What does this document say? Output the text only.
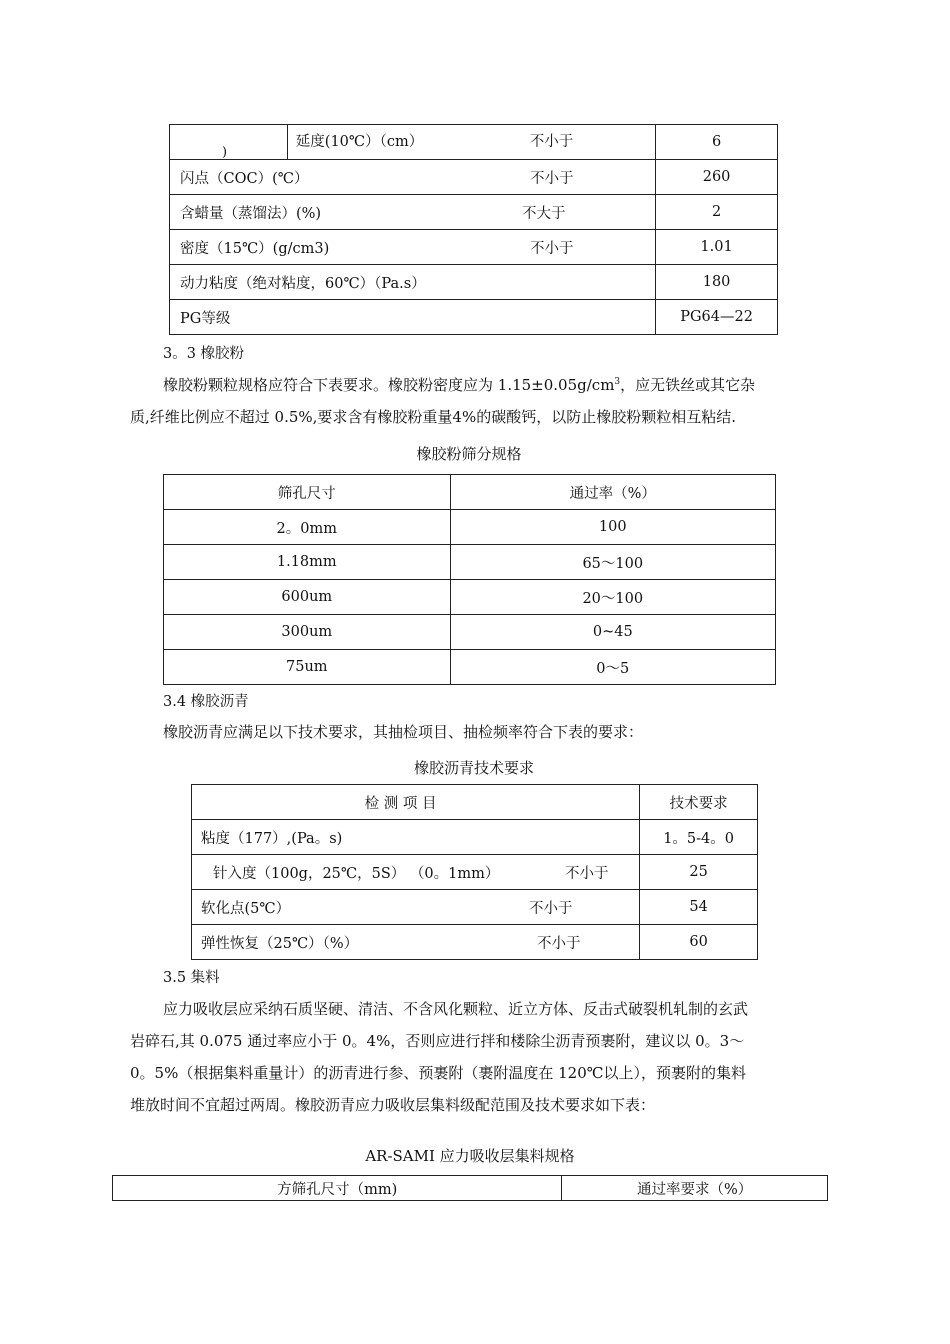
)	延度(10℃）（cm） 不小于	6

闪点（COC）(℃） 不小于		260

含蜡量（蒸馏法）(%) 不大于		2

密度（15℃）(g/cm3) 不小于		1.01

动力粘度（绝对粘度，60℃）（Pa.s）		180

PG等级		PG64—22
3。3 橡胶粉
橡胶粉颗粒规格应符合下表要求。橡胶粉密度应为 $1.15\pm 0.05g/cm^3$，应无铁丝或其它杂
质,纤维比例应不超过 0.5%,要求含有橡胶粉重量4%的碳酸钙，以防止橡胶粉颗粒相互粘结.
橡胶粉筛分规格
筛孔尺寸	通过率（%）
2。0mm	100
1.18mm	65～100
600um	20～100
300um	0~45
75um	0～5
3.4 橡胶沥青
橡胶沥青应满足以下技术要求，其抽检项目、抽检频率符合下表的要求：
橡胶沥青技术要求
检 测 项 目	技术要求

粘度（177）,(Pa。s)	1。5-4。0

针入度（100g，25℃，5S） （0。1mm） 不小于	25

软化点(5℃） 不小于	54

弹性恢复（25℃）（%） 不小于	60
3.5 集料
应力吸收层应采纳石质坚硬、清洁、不含风化颗粒、近立方体、反击式破裂机轧制的玄武
岩碎石,其 0.075 通过率应小于 0。4%，否则应进行拌和楼除尘沥青预裹附，建议以 0。3～
0。5%（根据集料重量计）的沥青进行参、预裹附（裹附温度在 120℃以上），预裹附的集料
堆放时间不宜超过两周。橡胶沥青应力吸收层集料级配范围及技术要求如下表：
AR-SAMI 应力吸收层集料规格
方筛孔尺寸（mm)	通过率要求（%）
